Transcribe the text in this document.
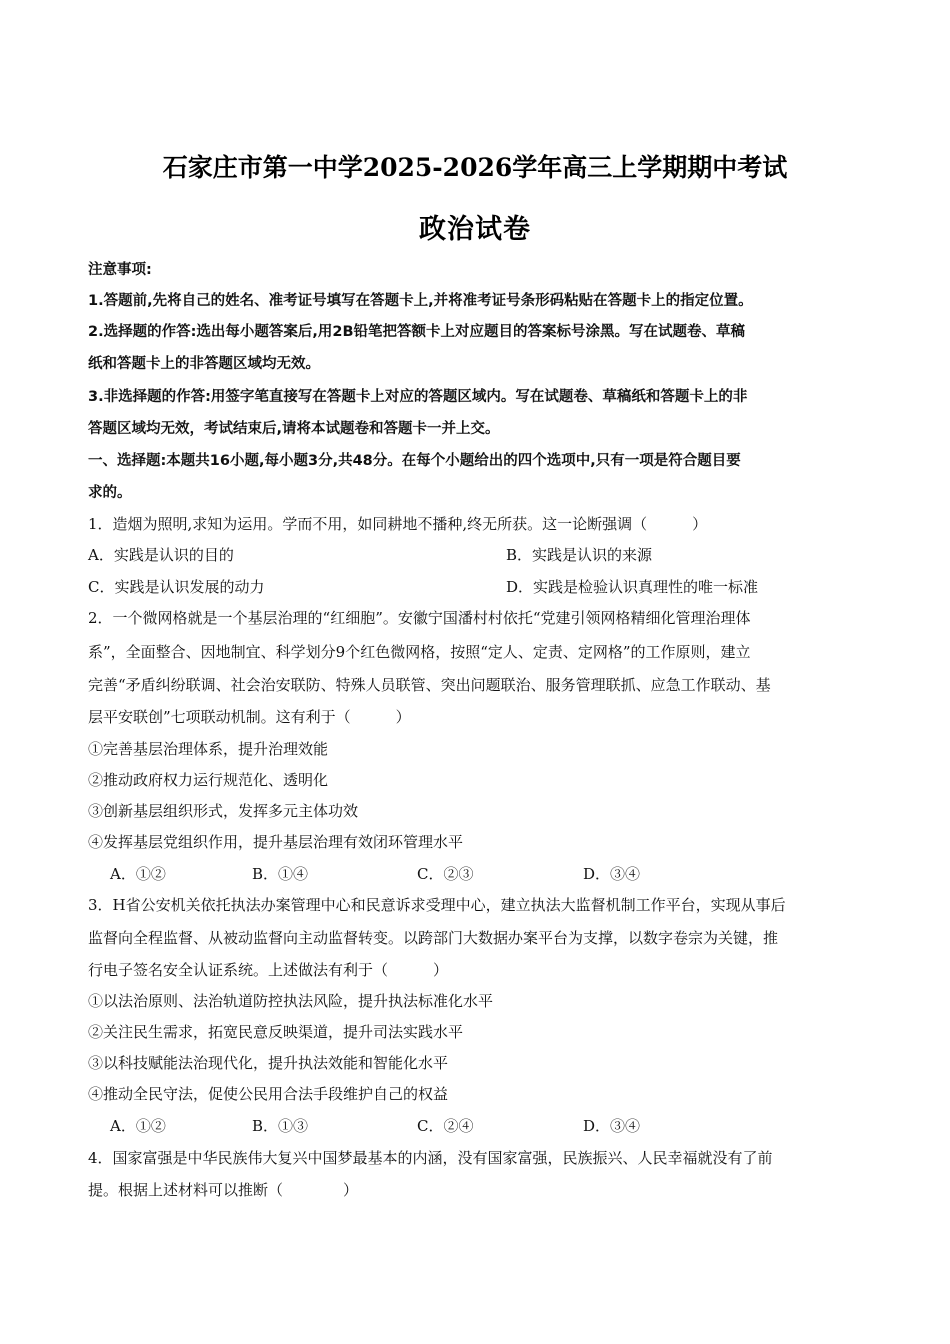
石家庄市第一中学2025-2026学年高三上学期期中考试
政治试卷
注意事项:
1.答题前,先将自己的姓名、准考证号填写在答题卡上,并将准考证号条形码粘贴在答题卡上的指定位置。
2.选择题的作答:选出每小题答案后,用2B铅笔把答额卡上对应题目的答案标号涂黑。写在试题卷、草稿
纸和答题卡上的非答题区域均无效。
3.非选择题的作答:用签字笔直接写在答题卡上对应的答题区域内。写在试题卷、草稿纸和答题卡上的非
答题区域均无效，考试结束后,请将本试题卷和答题卡一并上交。
一、选择题:本题共16小题,每小题3分,共48分。在每个小题给出的四个选项中,只有一项是符合题目要
求的。
1．造烟为照明,求知为运用。学而不用，如同耕地不播种,终无所获。这一论断强调（　　　）
A．实践是认识的目的	B．实践是认识的来源
C．实践是认识发展的动力	D．实践是检验认识真理性的唯一标准
2．一个微网格就是一个基层治理的“红细胞”。安徽宁国潘村村依托“党建引领网格精细化管理治理体
系”，全面整合、因地制宜、科学划分9个红色微网格，按照“定人、定责、定网格”的工作原则，建立
完善“矛盾纠纷联调、社会治安联防、特殊人员联管、突出问题联治、服务管理联抓、应急工作联动、基
层平安联创”七项联动机制。这有利于（　　　）
①完善基层治理体系，提升治理效能
②推动政府权力运行规范化、透明化
③创新基层组织形式，发挥多元主体功效
④发挥基层党组织作用，提升基层治理有效闭环管理水平
A．①②	B．①④	C．②③	D．③④
3．H省公安机关依托执法办案管理中心和民意诉求受理中心，建立执法大监督机制工作平台，实现从事后
监督向全程监督、从被动监督向主动监督转变。以跨部门大数据办案平台为支撑，以数字卷宗为关键，推
行电子签名安全认证系统。上述做法有利于（　　　）
①以法治原则、法治轨道防控执法风险，提升执法标准化水平
②关注民生需求，拓宽民意反映渠道，提升司法实践水平
③以科技赋能法治现代化，提升执法效能和智能化水平
④推动全民守法，促使公民用合法手段维护自己的权益
A．①②	B．①③	C．②④	D．③④
4．国家富强是中华民族伟大复兴中国梦最基本的内涵，没有国家富强，民族振兴、人民幸福就没有了前
提。根据上述材料可以推断（　　　　）
